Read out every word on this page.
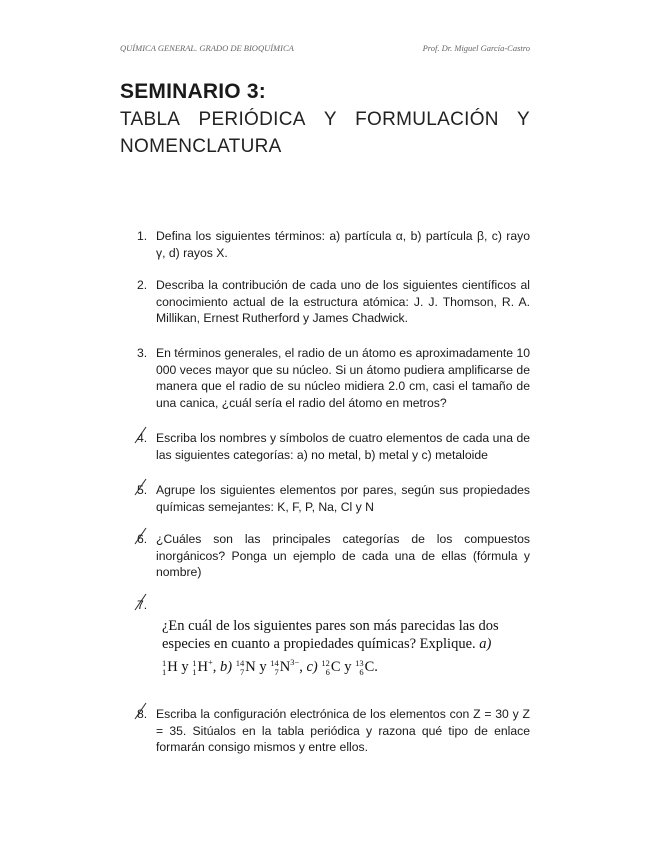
QUÍMICA GENERAL. GRADO DE BIOQUÍMICA	Prof. Dr. Miguel García-Castro
SEMINARIO 3:
TABLA PERIÓDICA Y FORMULACIÓN Y
NOMENCLATURA
1. Defina los siguientes términos: a) partícula α, b) partícula β, c) rayo γ, d) rayos X.
2. Describa la contribución de cada uno de los siguientes científicos al conocimiento actual de la estructura atómica: J. J. Thomson, R. A. Millikan, Ernest Rutherford y James Chadwick.
3. En términos generales, el radio de un átomo es aproximadamente 10 000 veces mayor que su núcleo. Si un átomo pudiera amplificarse de manera que el radio de su núcleo midiera 2.0 cm, casi el tamaño de una canica, ¿cuál sería el radio del átomo en metros?
4. Escriba los nombres y símbolos de cuatro elementos de cada una de las siguientes categorías: a) no metal, b) metal y c) metaloide
5. Agrupe los siguientes elementos por pares, según sus propiedades químicas semejantes: K, F, P, Na, Cl y N
6. ¿Cuáles son las principales categorías de los compuestos inorgánicos? Ponga un ejemplo de cada una de ellas (fórmula y nombre)
7.
¿En cuál de los siguientes pares son más parecidas las dos especies en cuanto a propiedades químicas? Explique. a)
1
1 H y 1
1 H+, b) 14
7 N y 14
7 $N^{3-}$, c) 12
6 C y 13
6 C.
8. Escriba la configuración electrónica de los elementos con Z = 30 y Z = 35. Sitúalos en la tabla periódica y razona qué tipo de enlace formarán consigo mismos y entre ellos.
